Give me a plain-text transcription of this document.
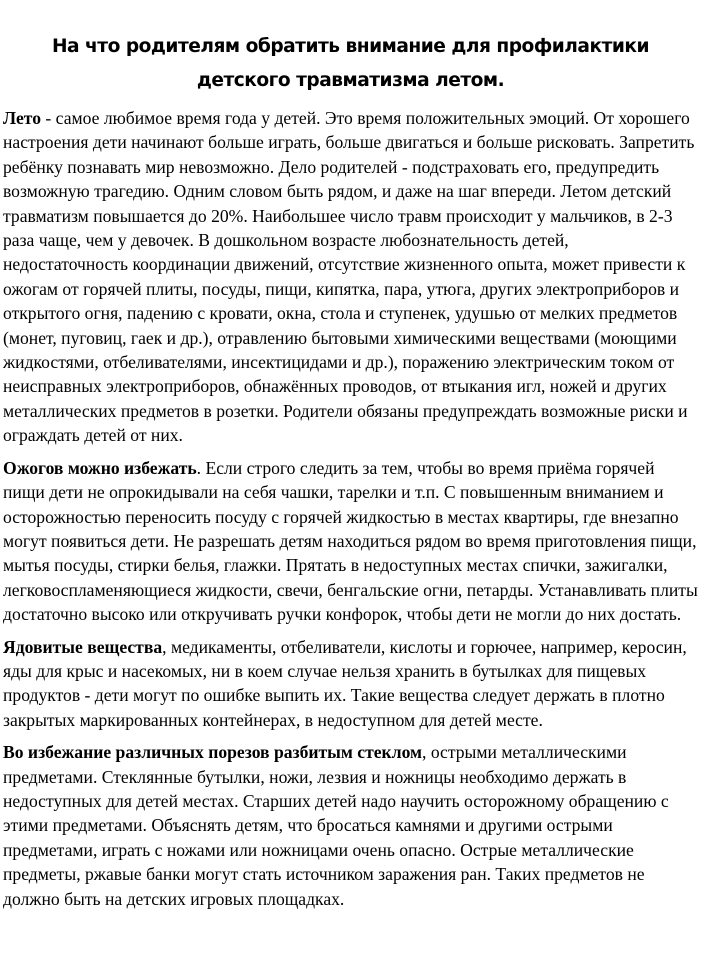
На что родителям обратить внимание для профилактики детского травматизма летом.

Лето - самое любимое время года у детей. Это время положительных эмоций. От хорошего настроения дети начинают больше играть, больше двигаться и больше рисковать. Запретить ребёнку познавать мир невозможно. Дело родителей - подстраховать его, предупредить возможную трагедию. Одним словом быть рядом, и даже на шаг впереди. Летом детский травматизм повышается до 20%. Наибольшее число травм происходит у мальчиков, в 2-3 раза чаще, чем у девочек. В дошкольном возрасте любознательность детей, недостаточность координации движений, отсутствие жизненного опыта, может привести к ожогам от горячей плиты, посуды, пищи, кипятка, пара, утюга, других электроприборов и открытого огня, падению с кровати, окна, стола и ступенек, удушью от мелких предметов (монет, пуговиц, гаек и др.), отравлению бытовыми химическими веществами (моющими жидкостями, отбеливателями, инсектицидами и др.), поражению электрическим током от неисправных электроприборов, обнажённых проводов, от втыкания игл, ножей и других металлических предметов в розетки. Родители обязаны предупреждать возможные риски и ограждать детей от них.

Ожогов можно избежать. Если строго следить за тем, чтобы во время приёма горячей пищи дети не опрокидывали на себя чашки, тарелки и т.п. С повышенным вниманием и осторожностью переносить посуду с горячей жидкостью в местах квартиры, где внезапно могут появиться дети. Не разрешать детям находиться рядом во время приготовления пищи, мытья посуды, стирки белья, глажки. Прятать в недоступных местах спички, зажигалки, легковоспламеняющиеся жидкости, свечи, бенгальские огни, петарды. Устанавливать плиты достаточно высоко или откручивать ручки конфорок, чтобы дети не могли до них достать.

Ядовитые вещества, медикаменты, отбеливатели, кислоты и горючее, например, керосин, яды для крыс и насекомых, ни в коем случае нельзя хранить в бутылках для пищевых продуктов - дети могут по ошибке выпить их. Такие вещества следует держать в плотно закрытых маркированных контейнерах, в недоступном для детей месте.

Во избежание различных порезов разбитым стеклом, острыми металлическими предметами. Стеклянные бутылки, ножи, лезвия и ножницы необходимо держать в недоступных для детей местах. Старших детей надо научить осторожному обращению с этими предметами. Объяснять детям, что бросаться камнями и другими острыми предметами, играть с ножами или ножницами очень опасно. Острые металлические предметы, ржавые банки могут стать источником заражения ран. Таких предметов не должно быть на детских игровых площадках.
